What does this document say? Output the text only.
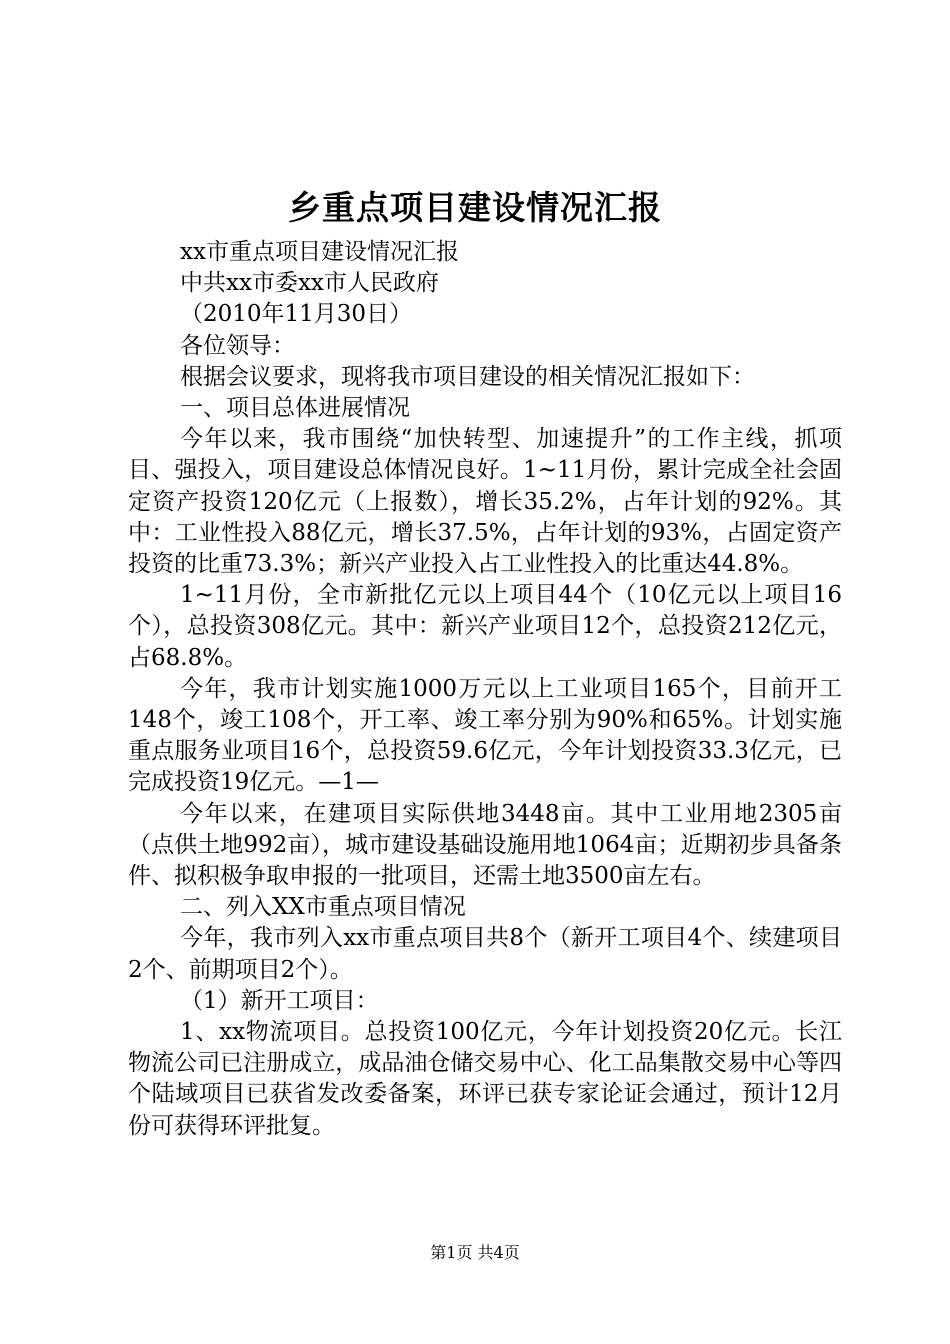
乡重点项目建设情况汇报
xx市重点项目建设情况汇报
中共xx市委xx市人民政府
（2010年11月30日）
各位领导：
根据会议要求，现将我市项目建设的相关情况汇报如下：
一、项目总体进展情况
今年以来，我市围绕“加快转型、加速提升”的工作主线，抓项目、强投入，项目建设总体情况良好。1~11月份，累计完成全社会固定资产投资120亿元（上报数），增长35.2%，占年计划的92%。其中：工业性投入88亿元，增长37.5%，占年计划的93%，占固定资产投资的比重73.3%；新兴产业投入占工业性投入的比重达44.8%。
1~11月份，全市新批亿元以上项目44个（10亿元以上项目16个），总投资308亿元。其中：新兴产业项目12个，总投资212亿元，占68.8%。
今年，我市计划实施1000万元以上工业项目165个，目前开工148个，竣工108个，开工率、竣工率分别为90%和65%。计划实施重点服务业项目16个，总投资59.6亿元，今年计划投资33.3亿元，已完成投资19亿元。—1—
今年以来，在建项目实际供地3448亩。其中工业用地2305亩（点供土地992亩），城市建设基础设施用地1064亩；近期初步具备条件、拟积极争取申报的一批项目，还需土地3500亩左右。
二、列入XX市重点项目情况
今年，我市列入xx市重点项目共8个（新开工项目4个、续建项目2个、前期项目2个）。
（1）新开工项目：
1、xx物流项目。总投资100亿元，今年计划投资20亿元。长江物流公司已注册成立，成品油仓储交易中心、化工品集散交易中心等四个陆域项目已获省发改委备案，环评已获专家论证会通过，预计12月份可获得环评批复。
第1页 共4页
